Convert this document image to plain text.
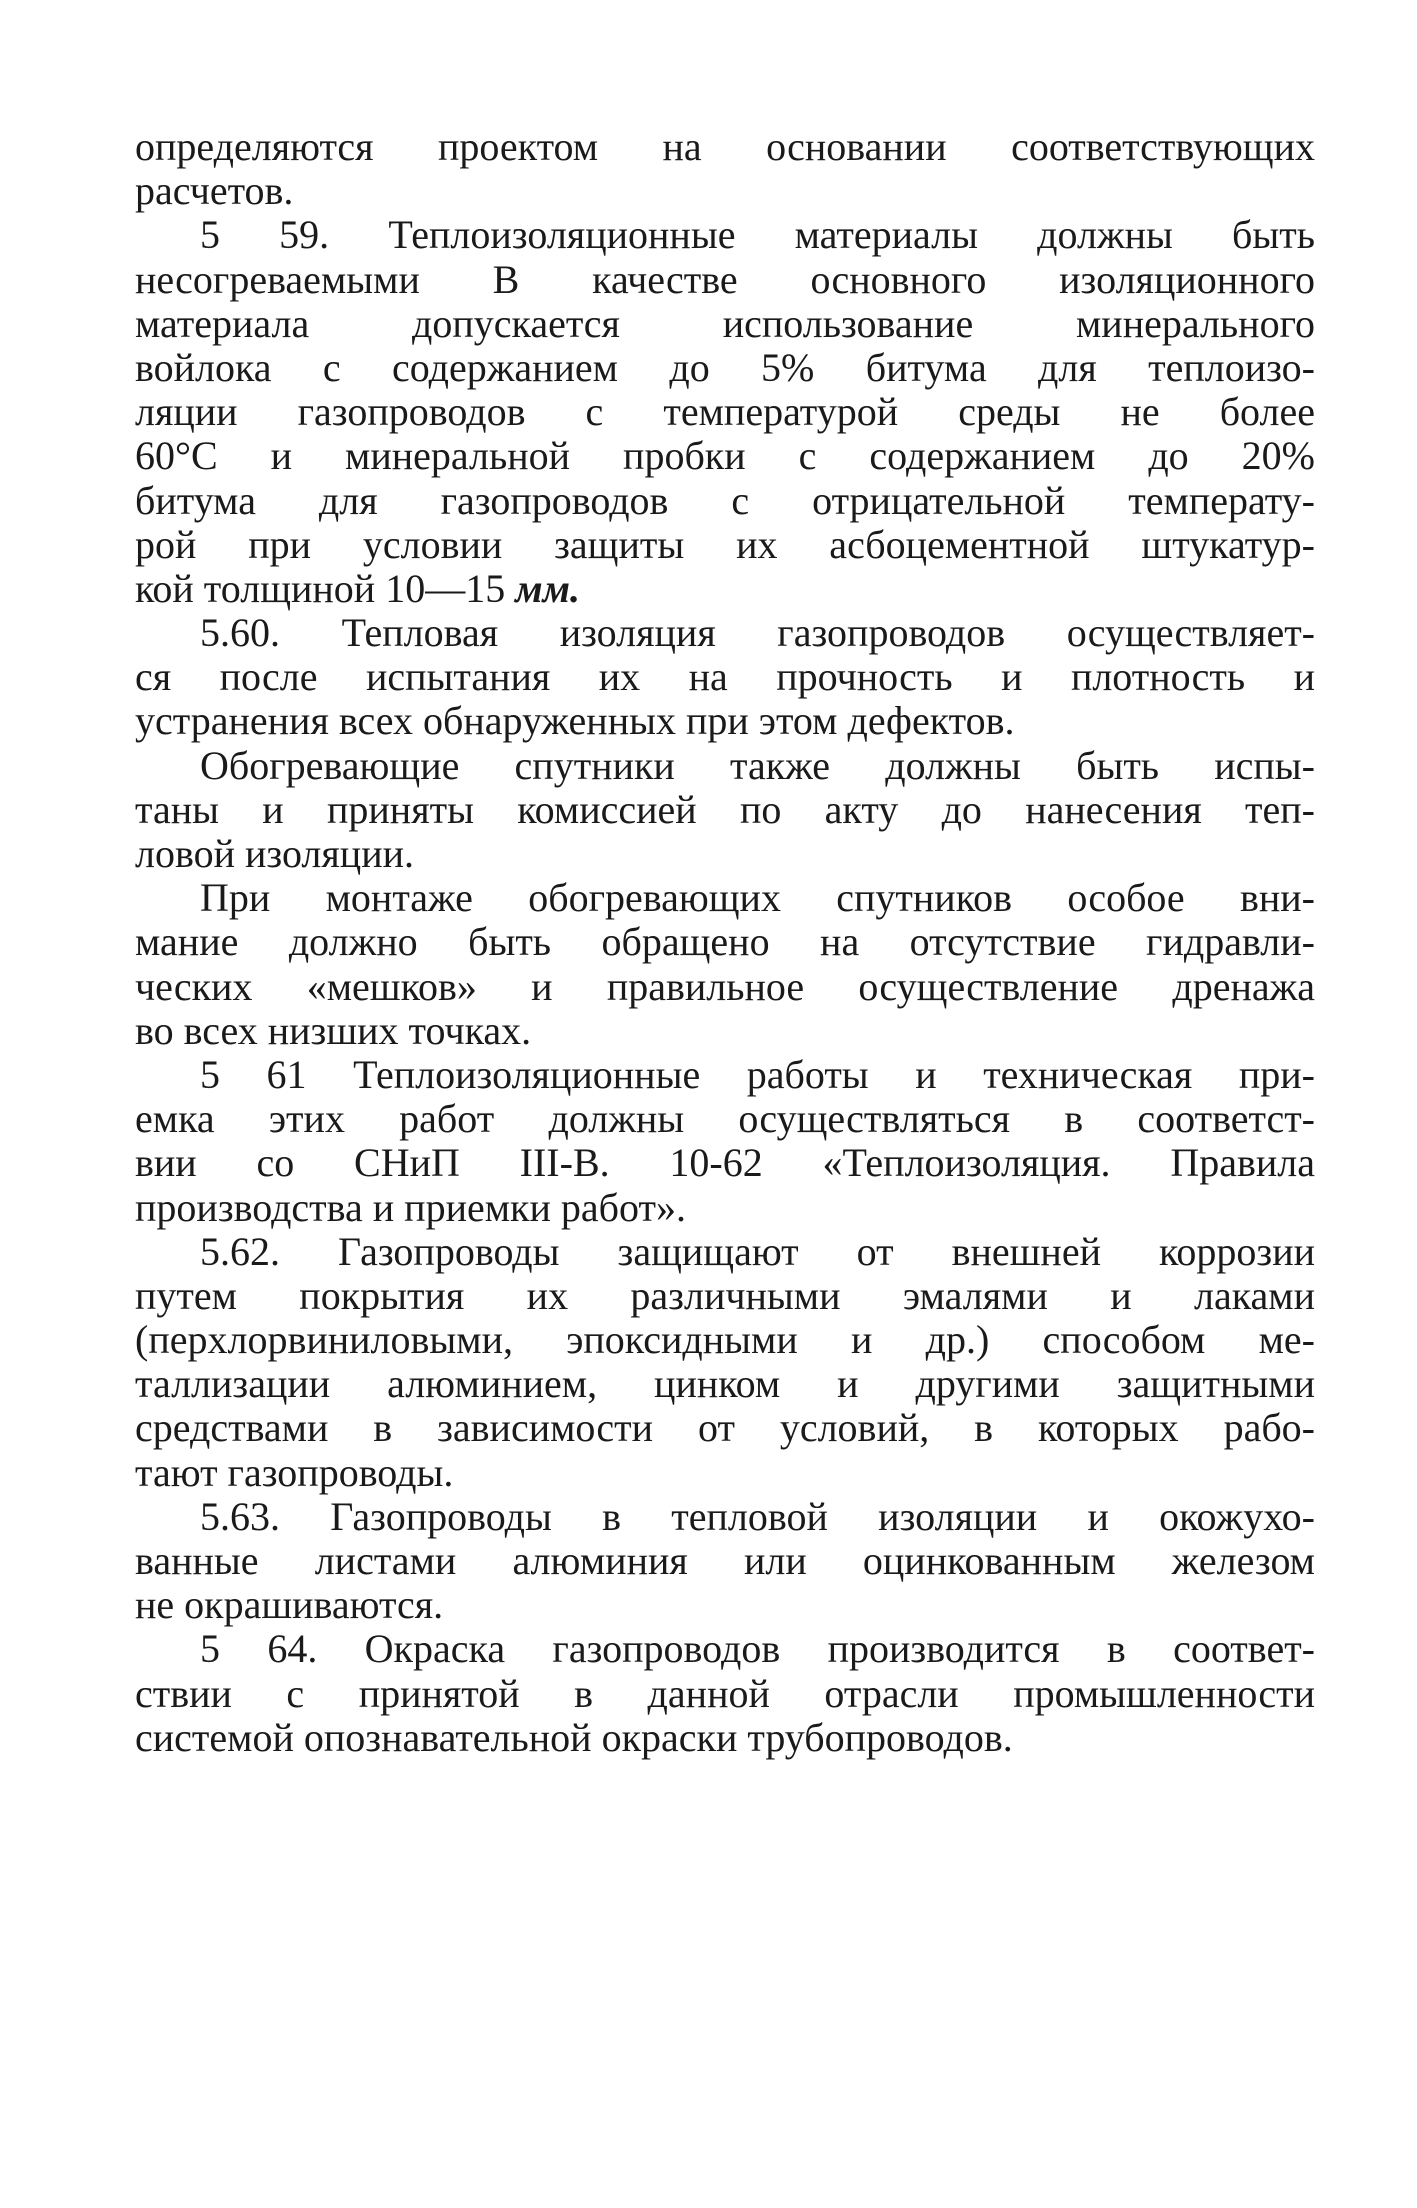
определяются проектом на основании соответствующих
расчетов.
5 59. Теплоизоляционные материалы должны быть
несогреваемыми В качестве основного изоляционного
материала допускается использование минерального
войлока с содержанием до 5% битума для теплоизо-
ляции газопроводов с температурой среды не более
60°С и минеральной пробки с содержанием до 20%
битума для газопроводов с отрицательной температу-
рой при условии защиты их асбоцементной штукатур-
кой толщиной 10—15 мм.
5.60. Тепловая изоляция газопроводов осуществляет-
ся после испытания их на прочность и плотность и
устранения всех обнаруженных при этом дефектов.
Обогревающие спутники также должны быть испы-
таны и приняты комиссией по акту до нанесения теп-
ловой изоляции.
При монтаже обогревающих спутников особое вни-
мание должно быть обращено на отсутствие гидравли-
ческих «мешков» и правильное осуществление дренажа
во всех низших точках.
5 61 Теплоизоляционные работы и техническая при-
емка этих работ должны осуществляться в соответст-
вии со СНиП III-В. 10-62 «Теплоизоляция. Правила
производства и приемки работ».
5.62. Газопроводы защищают от внешней коррозии
путем покрытия их различными эмалями и лаками
(перхлорвиниловыми, эпоксидными и др.) способом ме-
таллизации алюминием, цинком и другими защитными
средствами в зависимости от условий, в которых рабо-
тают газопроводы.
5.63. Газопроводы в тепловой изоляции и окожухо-
ванные листами алюминия или оцинкованным железом
не окрашиваются.
5 64. Окраска газопроводов производится в соответ-
ствии с принятой в данной отрасли промышленности
системой опознавательной окраски трубопроводов.
